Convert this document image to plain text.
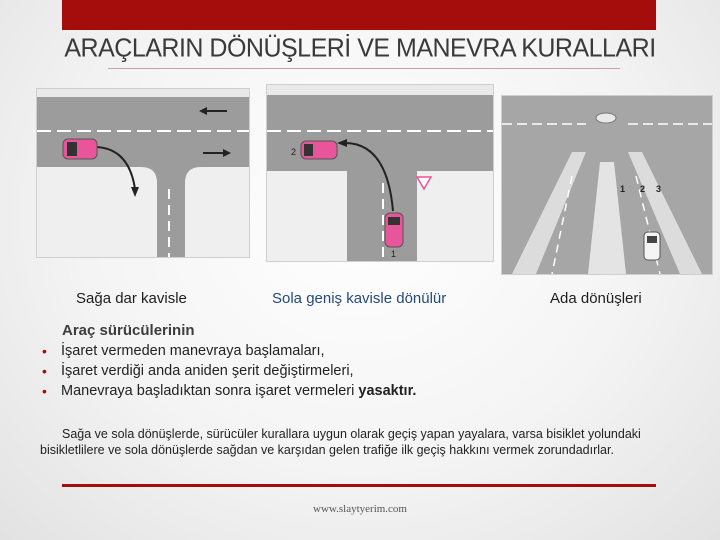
ARAÇLARIN DÖNÜŞLERİ VE MANEVRA KURALLARI
2
1
1 2 3
Sağa dar kavisle	Sola geniş kavisle dönülür	Ada dönüşleri
Araç sürücülerinin
• İşaret vermeden manevraya başlamaları,
• İşaret verdiği anda aniden şerit değiştirmeleri,
• Manevraya başladıktan sonra işaret vermeleri yasaktır.
Sağa ve sola dönüşlerde, sürücüler kurallara uygun olarak geçiş yapan yayalara, varsa bisiklet yolundaki bisikletlilere ve sola dönüşlerde sağdan ve karşıdan gelen trafiğe ilk geçiş hakkını vermek zorundadırlar.
www.slaytyerim.com
